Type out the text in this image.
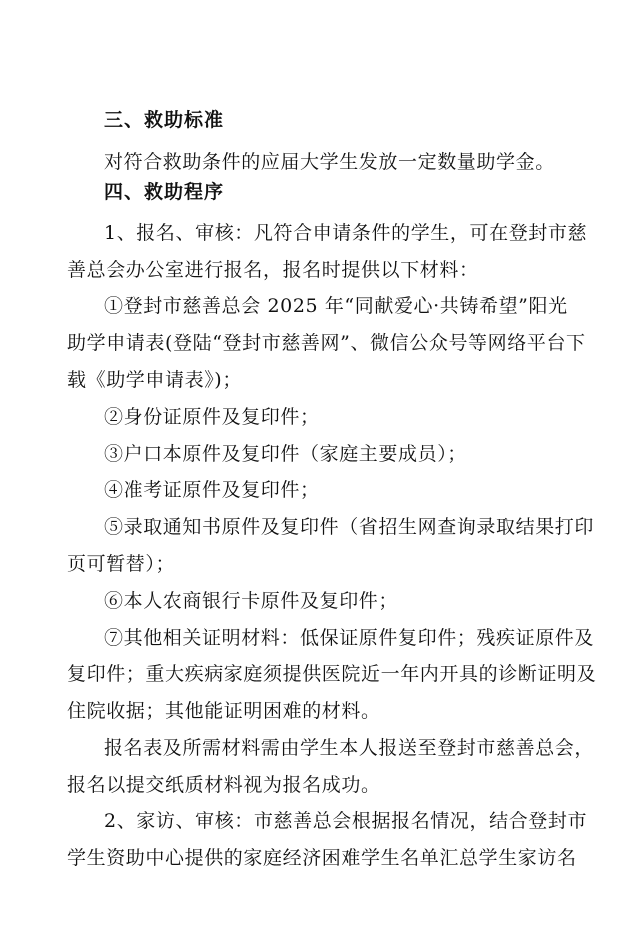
三、救助标准
对符合救助条件的应届大学生发放一定数量助学金。
四、救助程序
1、报名、审核：凡符合申请条件的学生，可在登封市慈
善总会办公室进行报名，报名时提供以下材料：
①登封市慈善总会 2025 年“同献爱心·共铸希望”阳光
助学申请表(登陆“登封市慈善网”、微信公众号等网络平台下
载《助学申请表》)；
②身份证原件及复印件；
③户口本原件及复印件（家庭主要成员）；
④准考证原件及复印件；
⑤录取通知书原件及复印件（省招生网查询录取结果打印
页可暂替）；
⑥本人农商银行卡原件及复印件；
⑦其他相关证明材料：低保证原件复印件；残疾证原件及
复印件；重大疾病家庭须提供医院近一年内开具的诊断证明及
住院收据；其他能证明困难的材料。
报名表及所需材料需由学生本人报送至登封市慈善总会，
报名以提交纸质材料视为报名成功。
2、家访、审核：市慈善总会根据报名情况，结合登封市
学生资助中心提供的家庭经济困难学生名单汇总学生家访名
